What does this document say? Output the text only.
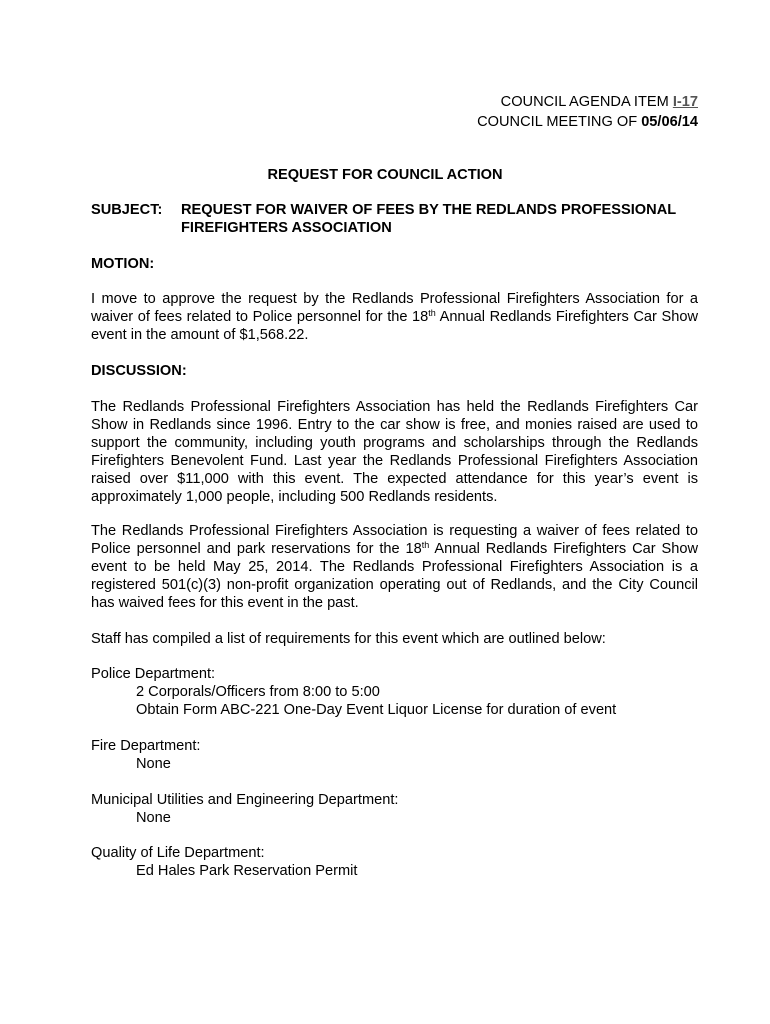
COUNCIL AGENDA ITEM I-17
COUNCIL MEETING OF 05/06/14
REQUEST FOR COUNCIL ACTION
SUBJECT:	REQUEST FOR WAIVER OF FEES BY THE REDLANDS PROFESSIONAL FIREFIGHTERS ASSOCIATION
MOTION:
I move to approve the request by the Redlands Professional Firefighters Association for a waiver of fees related to Police personnel for the 18th Annual Redlands Firefighters Car Show event in the amount of $1,568.22.
DISCUSSION:
The Redlands Professional Firefighters Association has held the Redlands Firefighters Car Show in Redlands since 1996. Entry to the car show is free, and monies raised are used to support the community, including youth programs and scholarships through the Redlands Firefighters Benevolent Fund. Last year the Redlands Professional Firefighters Association raised over $11,000 with this event. The expected attendance for this year’s event is approximately 1,000 people, including 500 Redlands residents.
The Redlands Professional Firefighters Association is requesting a waiver of fees related to Police personnel and park reservations for the 18th Annual Redlands Firefighters Car Show event to be held May 25, 2014. The Redlands Professional Firefighters Association is a registered 501(c)(3) non-profit organization operating out of Redlands, and the City Council has waived fees for this event in the past.
Staff has compiled a list of requirements for this event which are outlined below:
Police Department:
2 Corporals/Officers from 8:00 to 5:00
Obtain Form ABC-221 One-Day Event Liquor License for duration of event
Fire Department:
None
Municipal Utilities and Engineering Department:
None
Quality of Life Department:
Ed Hales Park Reservation Permit
